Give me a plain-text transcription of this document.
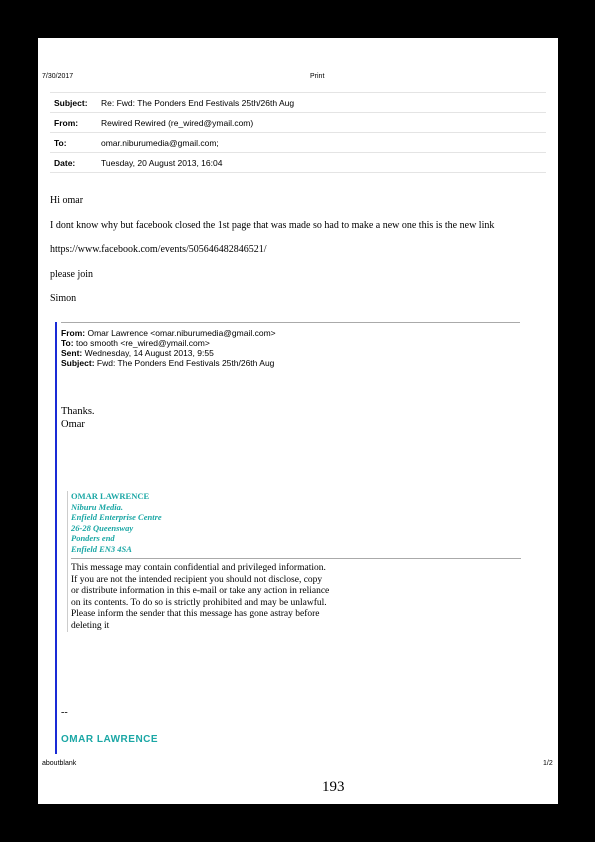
7/30/2017	Print
Subject:	Re: Fwd: The Ponders End Festivals 25th/26th Aug
From:	Rewired Rewired (re_wired@ymail.com)
To:	omar.niburumedia@gmail.com;
Date:	Tuesday, 20 August 2013, 16:04
Hi omar
I dont know why but facebook closed the 1st page that was made so had to make a new one this is the new link
https://www.facebook.com/events/505646482846521/
please join
Simon
From: Omar Lawrence <omar.niburumedia@gmail.com>
To: too smooth <re_wired@ymail.com>
Sent: Wednesday, 14 August 2013, 9:55
Subject: Fwd: The Ponders End Festivals 25th/26th Aug
Thanks.
Omar
OMAR LAWRENCE
Niburu Media.
Enfield Enterprise Centre
26-28 Queensway
Ponders end
Enfield EN3 4SA
This message may contain confidential and privileged information.
If you are not the intended recipient you should not disclose, copy
or distribute information in this e-mail or take any action in reliance
on its contents. To do so is strictly prohibited and may be unlawful.
Please inform the sender that this message has gone astray before
deleting it
--
OMAR LAWRENCE
aboutblank	1/2
193
